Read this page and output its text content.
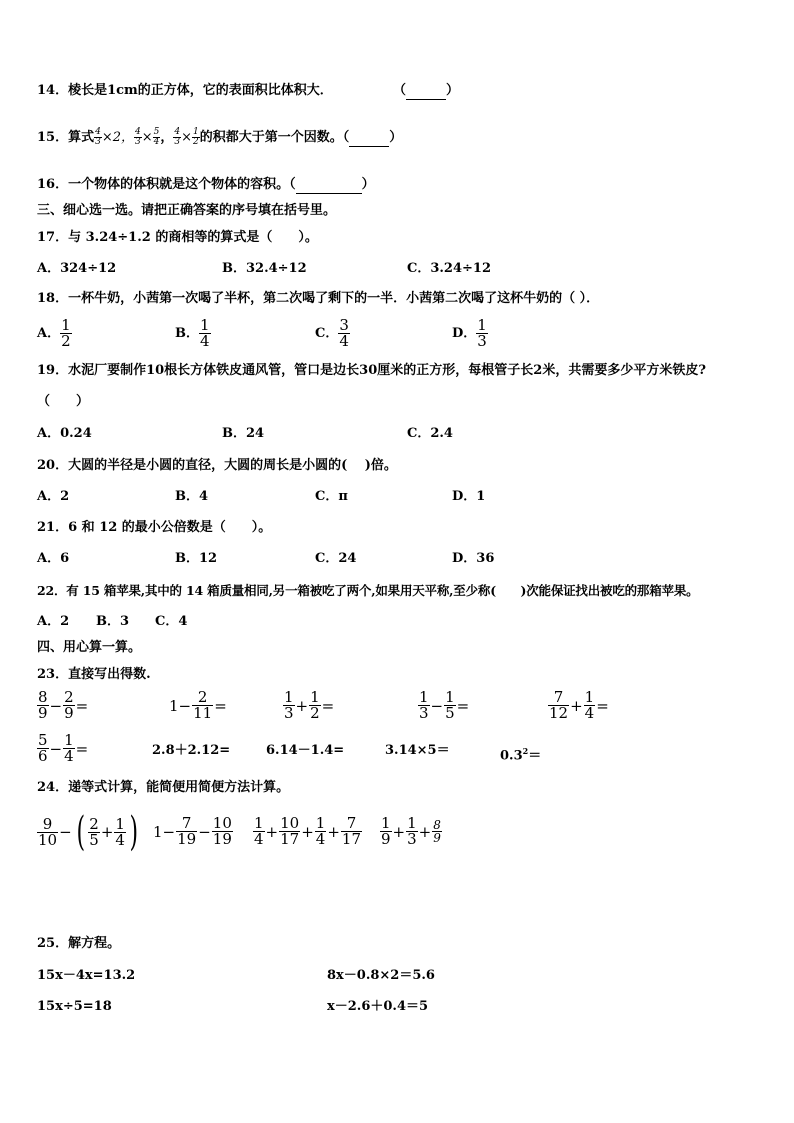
14．棱长是1cm的正方体，它的表面积比体积大．	（	）
15．算式 $\frac{4}{3} \times 2$， $\frac{4}{3} \times \frac{5}{4}$ ， $\frac{4}{3} \times \frac{1}{2}$ 的积都大于第一个因数。（	）
16．一个物体的体积就是这个物体的容积。（	）
三、细心选一选。请把正确答案的序号填在括号里。
17．与 3.24÷1.2 的商相等的算式是（　　）。
A．324÷12	B．32.4÷12	C．3.24÷12
18．一杯牛奶，小茜第一次喝了半杯，第二次喝了剩下的一半．小茜第二次喝了这杯牛奶的（ ）．
A． $\frac{1}{2}$	B． $\frac{1}{4}$	C． $\frac{3}{4}$	D． $\frac{1}{3}$
19．水泥厂要制作10根长方体铁皮通风管，管口是边长30厘米的正方形，每根管子长2米，共需要多少平方米铁皮?
（　　）
A．0.24	B．24	C．2.4
20．大圆的半径是小圆的直径，大圆的周长是小圆的(　 )倍。
A．2	B．4	C．π	D．1
21．6 和 12 的最小公倍数是（　　）。
A．6	B．12	C．24	D．36
22．有 15 箱苹果,其中的 14 箱质量相同,另一箱被吃了两个,如果用天平称,至少称(　　)次能保证找出被吃的那箱苹果。
A．2 B．3 C．4
四、用心算一算。
23．直接写出得数.
$\frac{8}{9} - \frac{2}{9}$ =	$1- \frac{2}{11}$ =	$\frac{1}{3} + \frac{1}{2}$ =	$\frac{1}{3} - \frac{1}{5}$ =	$\frac{7}{12} + \frac{1}{4}$ =
$\frac{5}{6} - \frac{1}{4}$ =	2.8＋2.12=	6.14－1.4=	3.14×5＝	$0.3^2=$
24．递等式计算，能简便用简便方法计算。
$\frac{9}{10}$ − ( $\frac{2}{5} + \frac{1}{4}$ ) $1- \frac{7}{19} - \frac{10}{19} \frac{1}{4} + \frac{10}{17} + \frac{1}{4} + \frac{7}{17} \frac{1}{9} + \frac{1}{3} + \frac{8}{9}$
25．解方程。
15x－4x=13.2	8x－0.8×2＝5.6
15x÷5=18	x－2.6＋0.4＝5
